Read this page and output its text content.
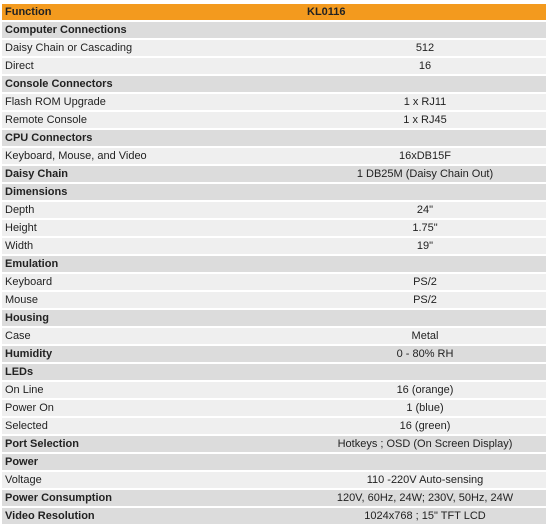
Function	KL0116
Computer Connections	
Daisy Chain or Cascading	512
Direct	16
Console Connectors	
Flash ROM Upgrade	1 x RJ11
Remote Console	1 x RJ45
CPU Connectors	
Keyboard, Mouse, and Video	16xDB15F
Daisy Chain	1 DB25M (Daisy Chain Out)
Dimensions	
Depth	24"
Height	1.75"
Width	19"
Emulation	
Keyboard	PS/2
Mouse	PS/2
Housing	
Case	Metal
Humidity	0 - 80% RH
LEDs	
On Line	16 (orange)
Power On	1 (blue)
Selected	16 (green)
Port Selection	Hotkeys ; OSD (On Screen Display)
Power	
Voltage	110 -220V Auto-sensing
Power Consumption	120V, 60Hz, 24W; 230V, 50Hz, 24W
Video Resolution	1024x768 ; 15" TFT LCD
